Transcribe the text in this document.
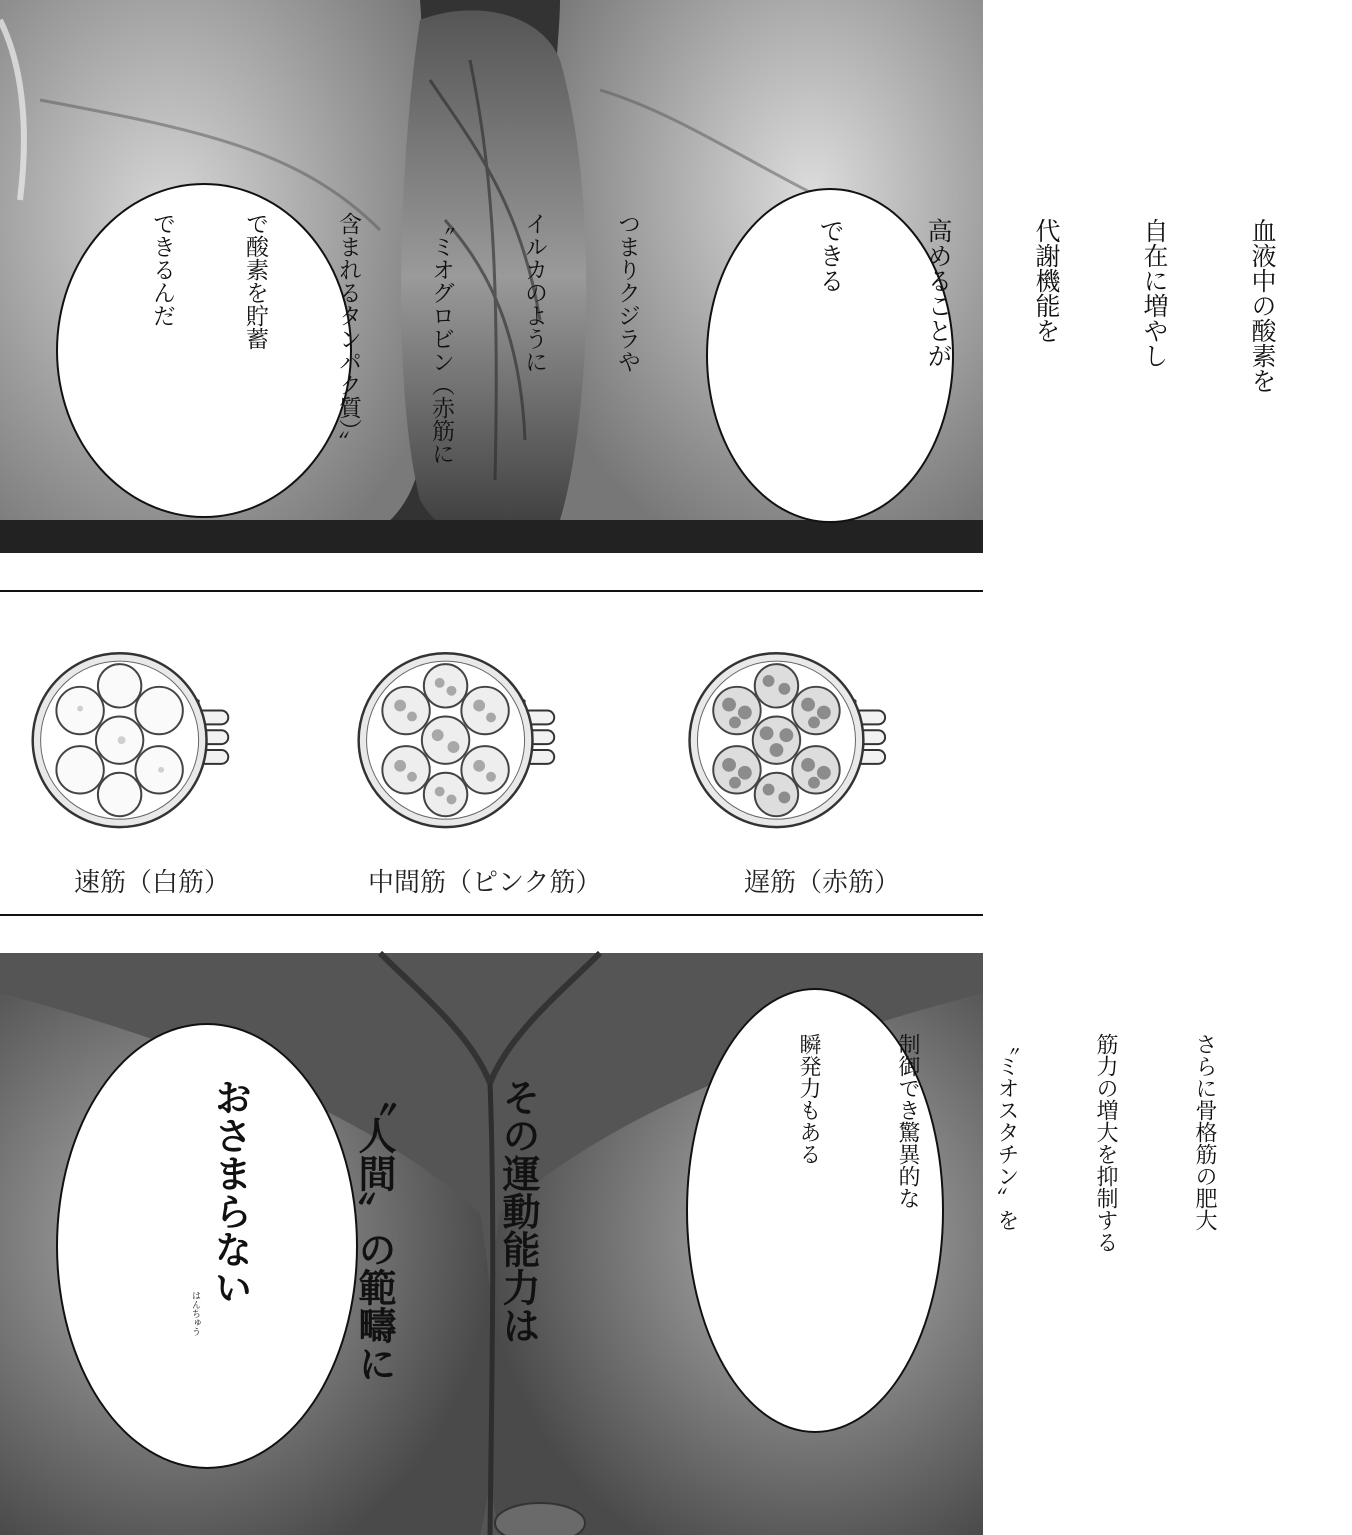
つまりクジラや

イルカのように

〝ミオグロビン（赤筋に

含まれるタンパク質）〟

で酸素を貯蓄

できるんだ

	血液中の酸素を

自在に増やし

代謝機能を

高めることが

できる

速筋（白筋）	中間筋（ピンク筋）	遅筋（赤筋）

その運動能力は

〝人間〟の範疇に

おさまらない

はんちゅう

さらに骨格筋の肥大

筋力の増大を抑制する

〝ミオスタチン〟を

制御でき驚異的な

瞬発力もある
